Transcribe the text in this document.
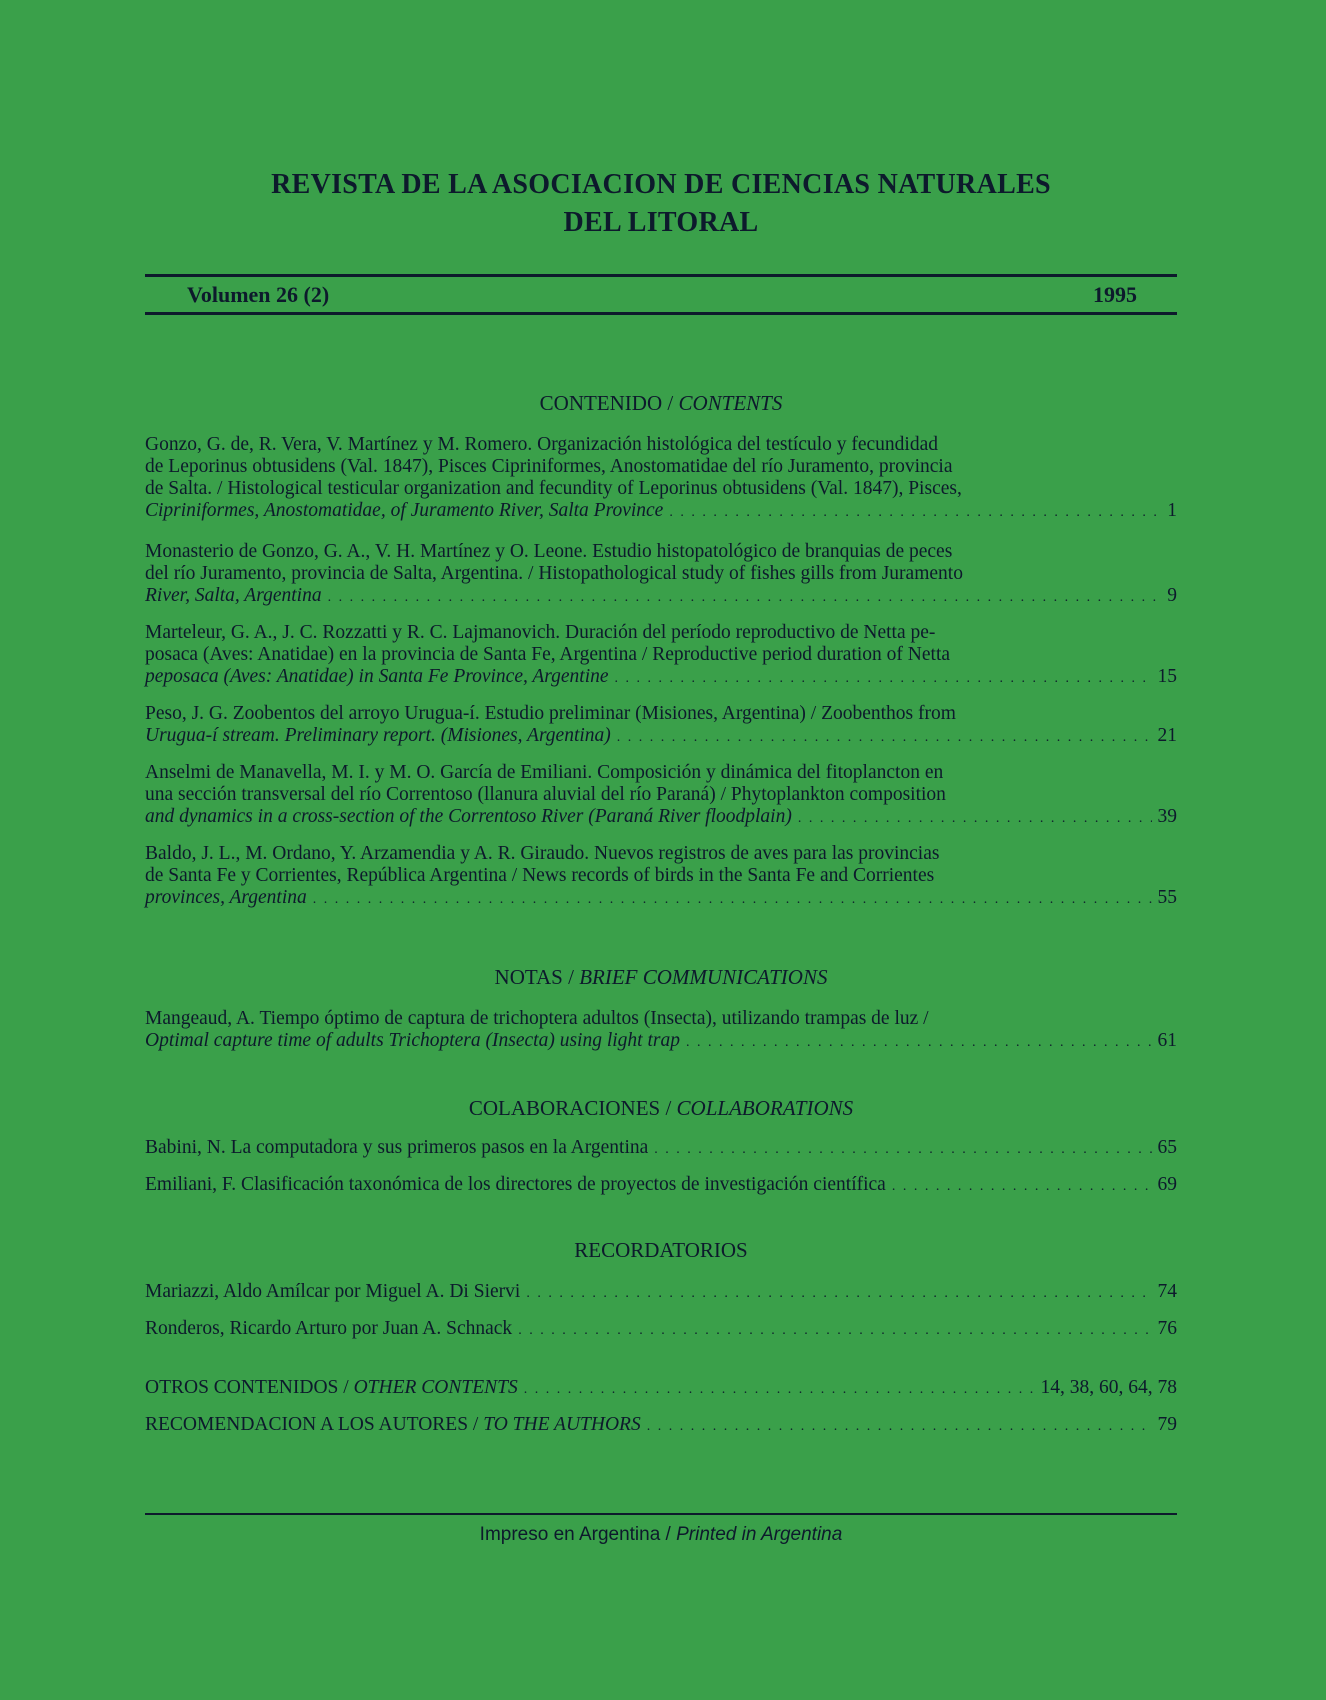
REVISTA DE LA ASOCIACION DE CIENCIAS NATURALES
DEL LITORAL
Volumen 26 (2)	1995
CONTENIDO / CONTENTS
Gonzo, G. de, R. Vera, V. Martínez y M. Romero. Organización histológica del testículo y fecundidad
de Leporinus obtusidens (Val. 1847), Pisces Cipriniformes, Anostomatidae del río Juramento, provincia
de Salta. / Histological testicular organization and fecundity of Leporinus obtusidens (Val. 1847), Pisces,
Cipriniformes, Anostomatidae, of Juramento River, Salta Province . . .	1
Monasterio de Gonzo, G. A., V. H. Martínez y O. Leone. Estudio histopatológico de branquias de peces
del río Juramento, provincia de Salta, Argentina. / Histopathological study of fishes gills from Juramento
River, Salta, Argentina . . .	9
Marteleur, G. A., J. C. Rozzatti y R. C. Lajmanovich. Duración del período reproductivo de Netta pe-
posaca (Aves: Anatidae) en la provincia de Santa Fe, Argentina / Reproductive period duration of Netta
peposaca (Aves: Anatidae) in Santa Fe Province, Argentine . . .	15
Peso, J. G. Zoobentos del arroyo Urugua-í. Estudio preliminar (Misiones, Argentina) / Zoobenthos from
Urugua-í stream. Preliminary report. (Misiones, Argentina) . . .	21
Anselmi de Manavella, M. I. y M. O. García de Emiliani. Composición y dinámica del fitoplancton en
una sección transversal del río Correntoso (llanura aluvial del río Paraná) / Phytoplankton composition
and dynamics in a cross-section of the Correntoso River (Paraná River floodplain) . . .	39
Baldo, J. L., M. Ordano, Y. Arzamendia y A. R. Giraudo. Nuevos registros de aves para las provincias
de Santa Fe y Corrientes, República Argentina / News records of birds in the Santa Fe and Corrientes
provinces, Argentina . . .	55
NOTAS / BRIEF COMMUNICATIONS
Mangeaud, A. Tiempo óptimo de captura de trichoptera adultos (Insecta), utilizando trampas de luz /
Optimal capture time of adults Trichoptera (Insecta) using light trap . . .	61
COLABORACIONES / COLLABORATIONS
Babini, N. La computadora y sus primeros pasos en la Argentina . . .	65
Emiliani, F. Clasificación taxonómica de los directores de proyectos de investigación científica . . .	69
RECORDATORIOS
Mariazzi, Aldo Amílcar por Miguel A. Di Siervi . . .	74
Ronderos, Ricardo Arturo por Juan A. Schnack . . .	76
OTROS CONTENIDOS / OTHER CONTENTS . . .	14, 38, 60, 64, 78
RECOMENDACION A LOS AUTORES / TO THE AUTHORS . . .	79
Impreso en Argentina / Printed in Argentina
